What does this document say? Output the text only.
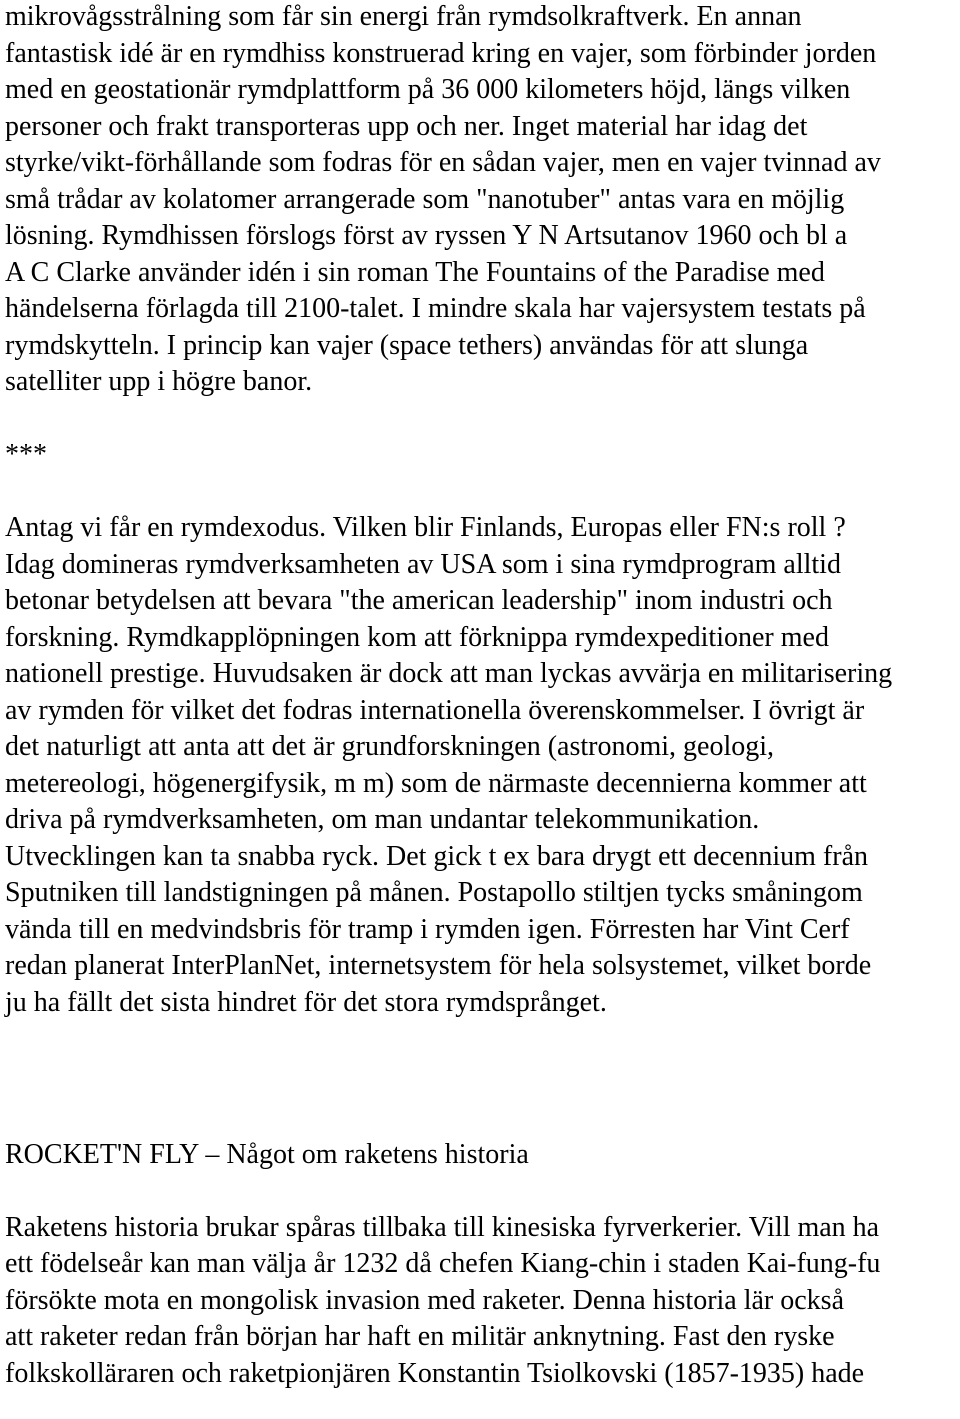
mikrovågsstrålning som får sin energi från rymdsolkraftverk. En annan
fantastisk idé är en rymdhiss konstruerad kring en vajer, som förbinder jorden
med en geostationär rymdplattform på 36 000 kilometers höjd, längs vilken
personer och frakt transporteras upp och ner. Inget material har idag det
styrke/vikt-förhållande som fodras för en sådan vajer, men en vajer tvinnad av
små trådar av kolatomer arrangerade som "nanotuber" antas vara en möjlig
lösning. Rymdhissen förslogs först av ryssen Y N Artsutanov 1960 och bl a
A C Clarke använder idén i sin roman The Fountains of the Paradise med
händelserna förlagda till 2100-talet. I mindre skala har vajersystem testats på
rymdskytteln. I princip kan vajer (space tethers) användas för att slunga
satelliter upp i högre banor.

***

Antag vi får en rymdexodus. Vilken blir Finlands, Europas eller FN:s roll ?
Idag domineras rymdverksamheten av USA som i sina rymdprogram alltid
betonar betydelsen att bevara "the american leadership" inom industri och
forskning. Rymdkapplöpningen kom att förknippa rymdexpeditioner med
nationell prestige. Huvudsaken är dock att man lyckas avvärja en militarisering
av rymden för vilket det fodras internationella överenskommelser. I övrigt är
det naturligt att anta att det är grundforskningen (astronomi, geologi,
metereologi, högenergifysik, m m) som de närmaste decennierna kommer att
driva på rymdverksamheten, om man undantar telekommunikation.
Utvecklingen kan ta snabba ryck. Det gick t ex bara drygt ett decennium från
Sputniken till landstigningen på månen. Postapollo stiltjen tycks småningom
vända till en medvindsbris för tramp i rymden igen. Förresten har Vint Cerf
redan planerat InterPlanNet, internetsystem för hela solsystemet, vilket borde
ju ha fällt det sista hindret för det stora rymdsprånget.

ROCKET'N FLY – Något om raketens historia

Raketens historia brukar spåras tillbaka till kinesiska fyrverkerier. Vill man ha
ett födelseår kan man välja år 1232 då chefen Kiang-chin i staden Kai-fung-fu
försökte mota en mongolisk invasion med raketer. Denna historia lär också
att raketer redan från början har haft en militär anknytning. Fast den ryske
folkskolläraren och raketpionjären Konstantin Tsiolkovski (1857-1935) hade
